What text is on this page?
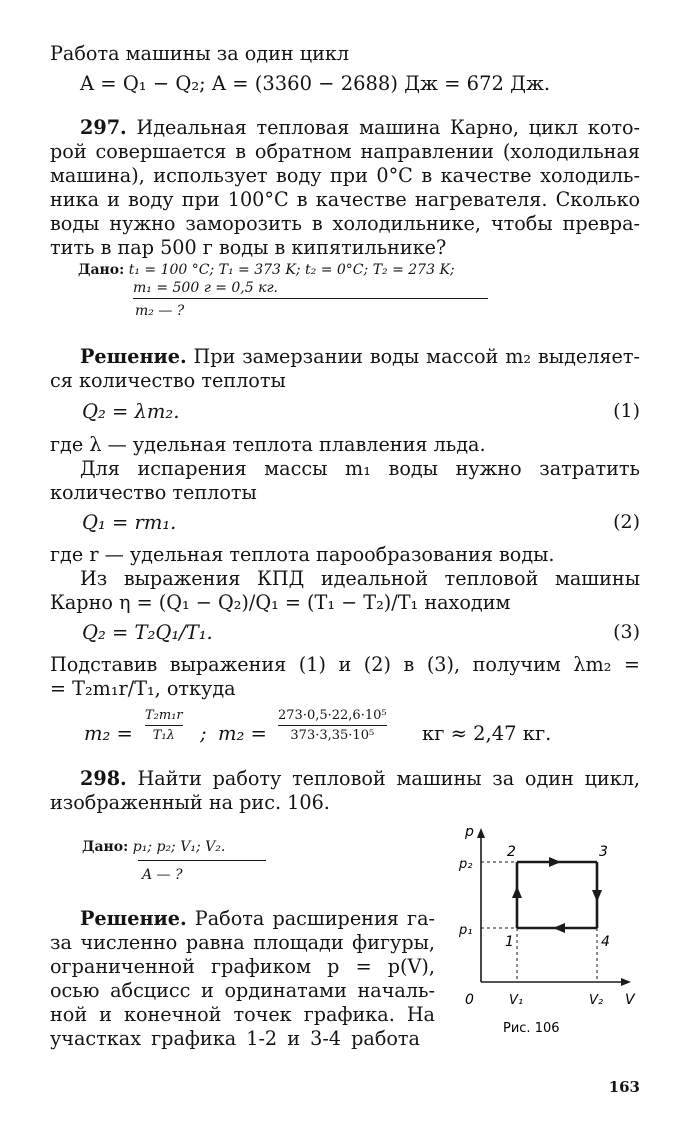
Работа машины за один цикл
A = Q₁ − Q₂; A = (3360 − 2688) Дж = 672 Дж.
297. Идеальная тепловая машина Карно, цикл кото-
рой совершается в обратном направлении (холодильная
машина), использует воду при 0°С в качестве холодиль-
ника и воду при 100°С в качестве нагревателя. Сколько
воды нужно заморозить в холодильнике, чтобы превра-
тить в пар 500 г воды в кипятильнике?
Дано: t₁ = 100 °С; T₁ = 373 K; t₂ = 0°С; T₂ = 273 K;
m₁ = 500 г = 0,5 кг.
m₂ — ?
Решение. При замерзании воды массой m₂ выделяет-
ся количество теплоты
Q₂ = λm₂.	(1)
где λ — удельная теплота плавления льда.
Для испарения массы m₁ воды нужно затратить
количество теплоты
Q₁ = rm₁.	(2)
где r — удельная теплота парообразования воды.
Из выражения КПД идеальной тепловой машины
Карно η = (Q₁ − Q₂)/Q₁ = (T₁ − T₂)/T₁ находим
Q₂ = T₂Q₁/T₁.	(3)
Подставив выражения (1) и (2) в (3), получим λm₂ =
= T₂m₁r/T₁, откуда
m₂ =
T₂m₁r
T₁λ ; m₂ =
273·0,5·22,6·10⁵
373·3,35·10⁵ кг ≈ 2,47 кг.
298. Найти работу тепловой машины за один цикл,
изображенный на рис. 106.
Дано: p₁; p₂; V₁; V₂.
A — ?
Решение. Работа расширения га-
за численно равна площади фигуры,
ограниченной графиком p = p(V),
осью абсцисс и ординатами началь-
ной и конечной точек графика. На
участках графика 1-2 и 3-4 работа
p
V
0
p₂
p₁
V₁	V₂
1
2	3
4
Рис. 106
163
